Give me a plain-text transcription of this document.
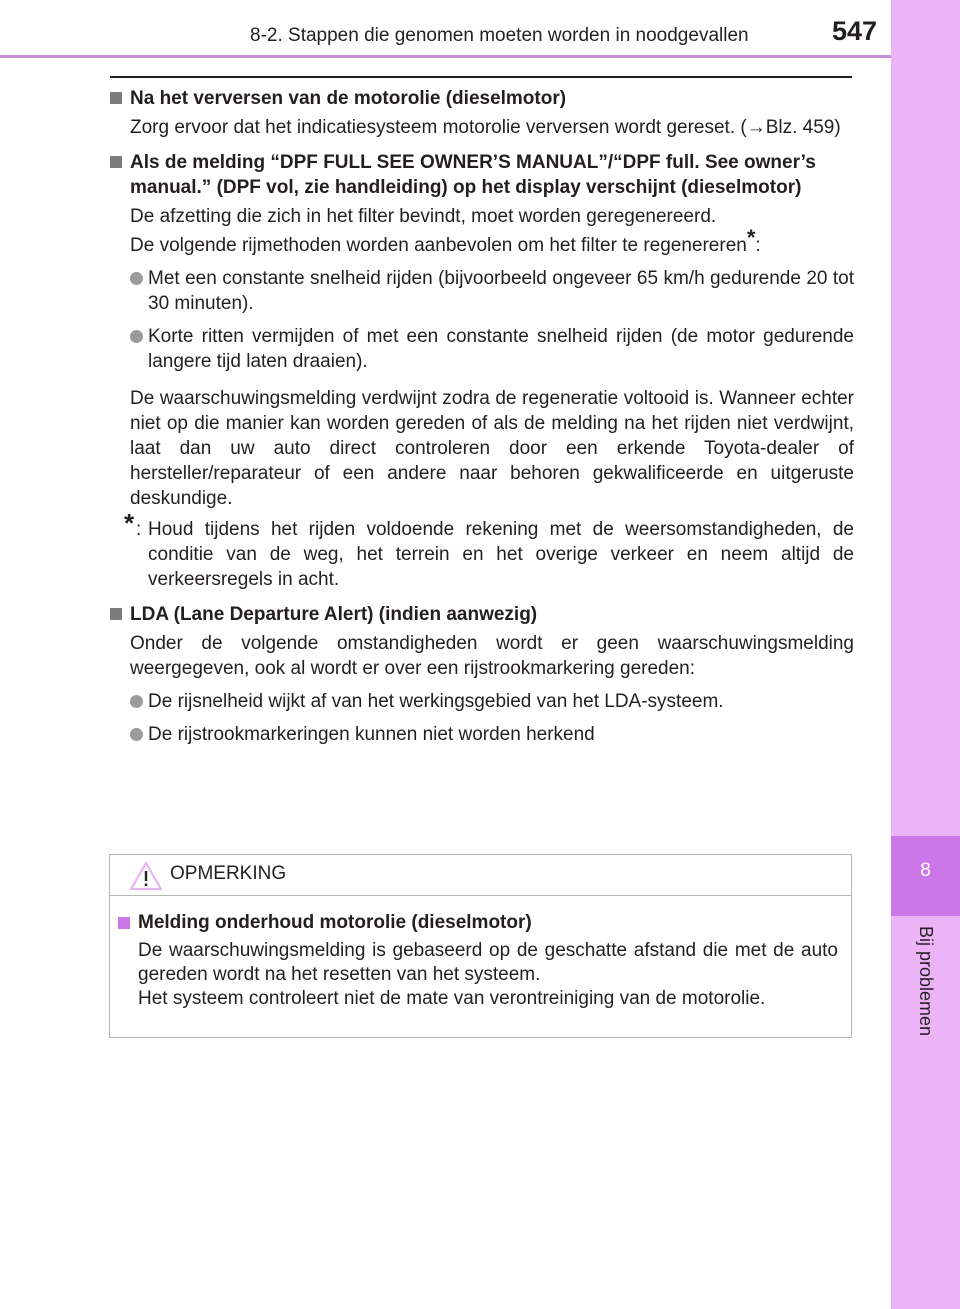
8-2. Stappen die genomen moeten worden in noodgevallen	547
8
Bij problemen

Na het verversen van de motorolie (dieselmotor)

Zorg ervoor dat het indicatiesysteem motorolie verversen wordt gereset. (→Blz. 459)

Als de melding “DPF FULL SEE OWNER’S MANUAL”/“DPF full. See owner’s manual.” (DPF vol, zie handleiding) op het display verschijnt (dieselmotor)

De afzetting die zich in het filter bevindt, moet worden geregenereerd.

De volgende rijmethoden worden aanbevolen om het filter te regenereren*:

Met een constante snelheid rijden (bijvoorbeeld ongeveer 65 km/h gedurende 20 tot 30 minuten).
Korte ritten vermijden of met een constante snelheid rijden (de motor gedurende langere tijd laten draaien).

De waarschuwingsmelding verdwijnt zodra de regeneratie voltooid is. Wanneer echter niet op die manier kan worden gereden of als de melding na het rijden niet verdwijnt, laat dan uw auto direct controleren door een erkende Toyota-dealer of hersteller/reparateur of een andere naar behoren gekwalificeerde en uitgeruste deskundige.

* : Houd tijdens het rijden voldoende rekening met de weersomstandigheden, de conditie van de weg, het terrein en het overige verkeer en neem altijd de verkeersregels in acht.

LDA (Lane Departure Alert) (indien aanwezig)

Onder de volgende omstandigheden wordt er geen waarschuwingsmelding weergegeven, ook al wordt er over een rijstrookmarkering gereden:

De rijsnelheid wijkt af van het werkingsgebied van het LDA-systeem.
De rijstrookmarkeringen kunnen niet worden herkend
OPMERKING

Melding onderhoud motorolie (dieselmotor)

De waarschuwingsmelding is gebaseerd op de geschatte afstand die met de auto gereden wordt na het resetten van het systeem.

Het systeem controleert niet de mate van verontreiniging van de motorolie.
